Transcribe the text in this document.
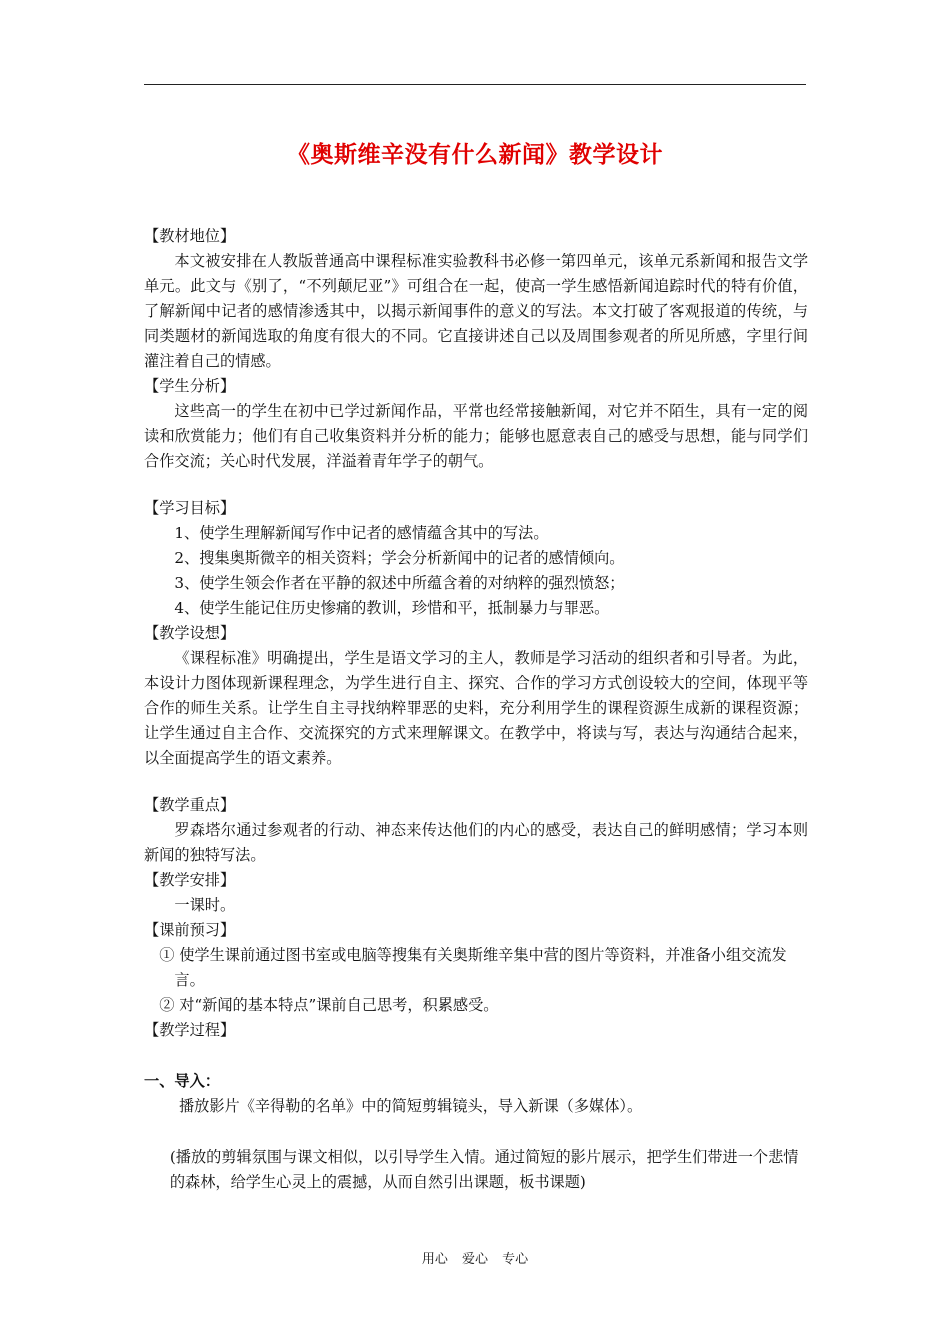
《奥斯维辛没有什么新闻》教学设计

【教材地位】

本文被安排在人教版普通高中课程标准实验教科书必修一第四单元，该单元系新闻和报告文学单元。此文与《别了，“不列颠尼亚”》可组合在一起，使高一学生感悟新闻追踪时代的特有价值，了解新闻中记者的感情渗透其中，以揭示新闻事件的意义的写法。本文打破了客观报道的传统，与同类题材的新闻选取的角度有很大的不同。它直接讲述自己以及周围参观者的所见所感，字里行间灌注着自己的情感。

【学生分析】

这些高一的学生在初中已学过新闻作品，平常也经常接触新闻，对它并不陌生，具有一定的阅读和欣赏能力；他们有自己收集资料并分析的能力；能够也愿意表自己的感受与思想，能与同学们合作交流；关心时代发展，洋溢着青年学子的朝气。

【学习目标】

1、使学生理解新闻写作中记者的感情蕴含其中的写法。

2、搜集奥斯微辛的相关资料；学会分析新闻中的记者的感情倾向。

3、使学生领会作者在平静的叙述中所蕴含着的对纳粹的强烈愤怒；

4、使学生能记住历史惨痛的教训，珍惜和平，抵制暴力与罪恶。

【教学设想】

《课程标准》明确提出，学生是语文学习的主人，教师是学习活动的组织者和引导者。为此，本设计力图体现新课程理念，为学生进行自主、探究、合作的学习方式创设较大的空间，体现平等合作的师生关系。让学生自主寻找纳粹罪恶的史料，充分利用学生的课程资源生成新的课程资源；让学生通过自主合作、交流探究的方式来理解课文。在教学中，将读与写，表达与沟通结合起来，以全面提高学生的语文素养。

【教学重点】

罗森塔尔通过参观者的行动、神态来传达他们的内心的感受，表达自己的鲜明感情；学习本则新闻的独特写法。

【教学安排】

一课时。

【课前预习】

① 使学生课前通过图书室或电脑等搜集有关奥斯维辛集中营的图片等资料，并准备小组交流发言。

② 对“新闻的基本特点”课前自己思考，积累感受。

【教学过程】

一、导入：

播放影片《辛得勒的名单》中的简短剪辑镜头，导入新课（多媒体）。

(播放的剪辑氛围与课文相似，以引导学生入情。通过简短的影片展示，把学生们带进一个悲情的森林，给学生心灵上的震撼，从而自然引出课题，板书课题)

用心 爱心 专心
